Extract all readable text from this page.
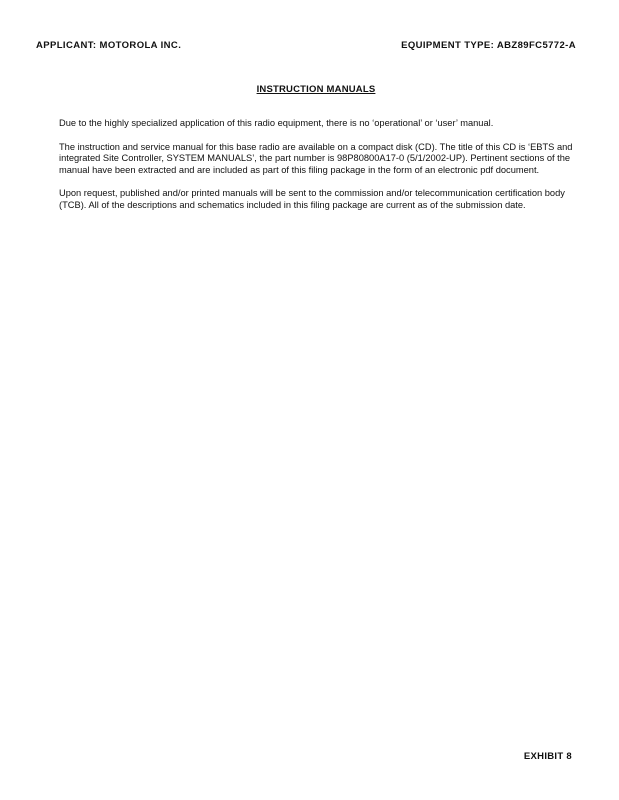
APPLICANT: MOTOROLA INC.	EQUIPMENT TYPE: ABZ89FC5772-A
INSTRUCTION MANUALS

Due to the highly specialized application of this radio equipment, there is no ‘operational’ or ‘user’ manual.

The instruction and service manual for this base radio are available on a compact disk (CD). The title of this CD is ‘EBTS and integrated Site Controller, SYSTEM MANUALS’, the part number is 98P80800A17-0 (5/1/2002-UP). Pertinent sections of the manual have been extracted and are included as part of this filing package in the form of an electronic pdf document.

Upon request, published and/or printed manuals will be sent to the commission and/or telecommunication certification body (TCB). All of the descriptions and schematics included in this filing package are current as of the submission date.

EXHIBIT 8
